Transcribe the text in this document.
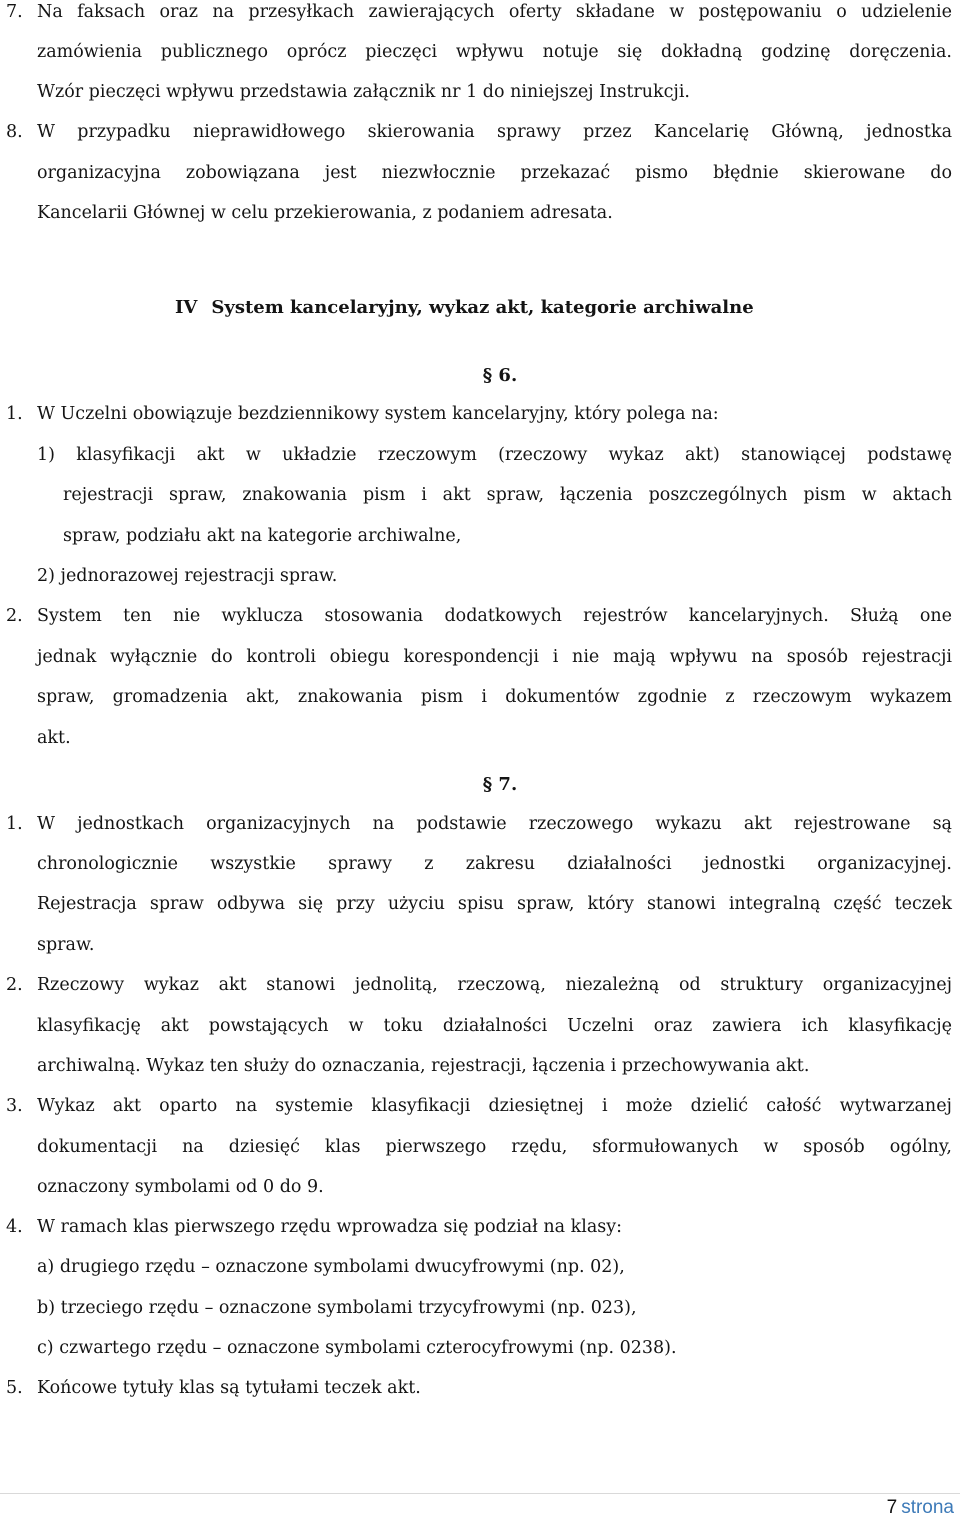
7. Na faksach oraz na przesyłkach zawierających oferty składane w postępowaniu o udzielenie
zamówienia publicznego oprócz pieczęci wpływu notuje się dokładną godzinę doręczenia.
Wzór pieczęci wpływu przedstawia załącznik nr 1 do niniejszej Instrukcji.
8. W przypadku nieprawidłowego skierowania sprawy przez Kancelarię Główną, jednostka
organizacyjna zobowiązana jest niezwłocznie przekazać pismo błędnie skierowane do
Kancelarii Głównej w celu przekierowania, z podaniem adresata.
IV System kancelaryjny, wykaz akt, kategorie archiwalne
§ 6.
1. W Uczelni obowiązuje bezdziennikowy system kancelaryjny, który polega na:
1) klasyfikacji akt w układzie rzeczowym (rzeczowy wykaz akt) stanowiącej podstawę
rejestracji spraw, znakowania pism i akt spraw, łączenia poszczególnych pism w aktach
spraw, podziału akt na kategorie archiwalne,
2) jednorazowej rejestracji spraw.
2. System ten nie wyklucza stosowania dodatkowych rejestrów kancelaryjnych. Służą one
jednak wyłącznie do kontroli obiegu korespondencji i nie mają wpływu na sposób rejestracji
spraw, gromadzenia akt, znakowania pism i dokumentów zgodnie z rzeczowym wykazem
akt.
§ 7.
1. W jednostkach organizacyjnych na podstawie rzeczowego wykazu akt rejestrowane są
chronologicznie wszystkie sprawy z zakresu działalności jednostki organizacyjnej.
Rejestracja spraw odbywa się przy użyciu spisu spraw, który stanowi integralną część teczek
spraw.
2. Rzeczowy wykaz akt stanowi jednolitą, rzeczową, niezależną od struktury organizacyjnej
klasyfikację akt powstających w toku działalności Uczelni oraz zawiera ich klasyfikację
archiwalną. Wykaz ten służy do oznaczania, rejestracji, łączenia i przechowywania akt.
3. Wykaz akt oparto na systemie klasyfikacji dziesiętnej i może dzielić całość wytwarzanej
dokumentacji na dziesięć klas pierwszego rzędu, sformułowanych w sposób ogólny,
oznaczony symbolami od 0 do 9.
4. W ramach klas pierwszego rzędu wprowadza się podział na klasy:
a) drugiego rzędu – oznaczone symbolami dwucyfrowymi (np. 02),
b) trzeciego rzędu – oznaczone symbolami trzycyfrowymi (np. 023),
c) czwartego rzędu – oznaczone symbolami czterocyfrowymi (np. 0238).
5. Końcowe tytuły klas są tytułami teczek akt.
7 strona
